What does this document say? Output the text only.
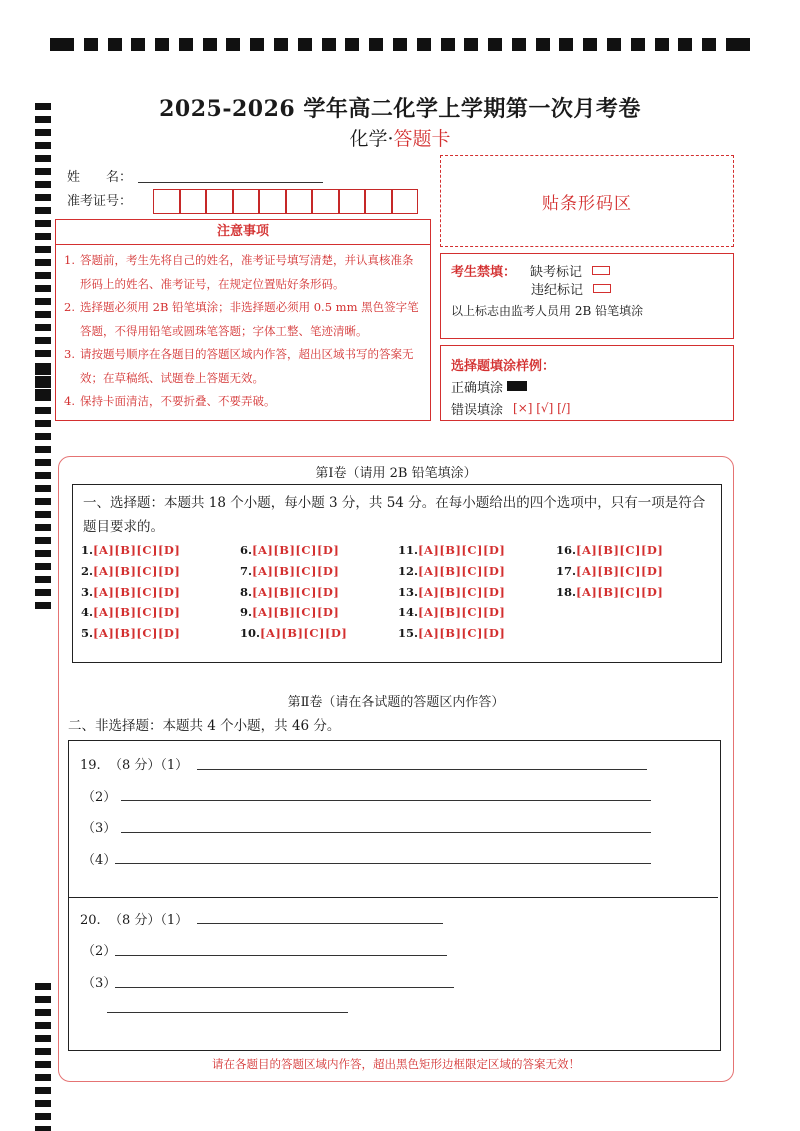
2025-2026 学年高二化学上学期第一次月考卷
化学·答题卡
姓　　名：
准考证号：	贴条形码区
注意事项
1. 答题前，考生先将自己的姓名，准考证号填写清楚，并认真核准条形码上的姓名、准考证号，在规定位置贴好条形码。
2. 选择题必须用 2B 铅笔填涂；非选择题必须用 0.5 mm 黑色签字笔答题，不得用铅笔或圆珠笔答题；字体工整、笔迹清晰。
3. 请按题号顺序在各题目的答题区域内作答，超出区域书写的答案无效；在草稿纸、试题卷上答题无效。
4. 保持卡面清洁，不要折叠、不要弄破。
考生禁填： 缺考标记
违纪标记
以上标志由监考人员用 2B 铅笔填涂
选择题填涂样例：
正确填涂
错误填涂 [×] [√] [/]
第Ⅰ卷（请用 2B 铅笔填涂）
一、选择题：本题共 18 个小题，每小题 3 分，共 54 分。在每小题给出的四个选项中，只有一项是符合题目要求的。
1.[A][B][C][D]
2.[A][B][C][D]
3.[A][B][C][D]
4.[A][B][C][D]
5.[A][B][C][D]
6.[A][B][C][D]
7.[A][B][C][D]
8.[A][B][C][D]
9.[A][B][C][D]
10.[A][B][C][D]
11.[A][B][C][D]
12.[A][B][C][D]
13.[A][B][C][D]
14.[A][B][C][D]
15.[A][B][C][D]
16.[A][B][C][D]
17.[A][B][C][D]
18.[A][B][C][D]
第Ⅱ卷（请在各试题的答题区内作答）
二、非选择题：本题共 4 个小题，共 46 分。
19. （8 分）（1）
（2）
（3）
（4）
20. （8 分）（1）
（2）
（3）
请在各题目的答题区域内作答，超出黑色矩形边框限定区域的答案无效！
